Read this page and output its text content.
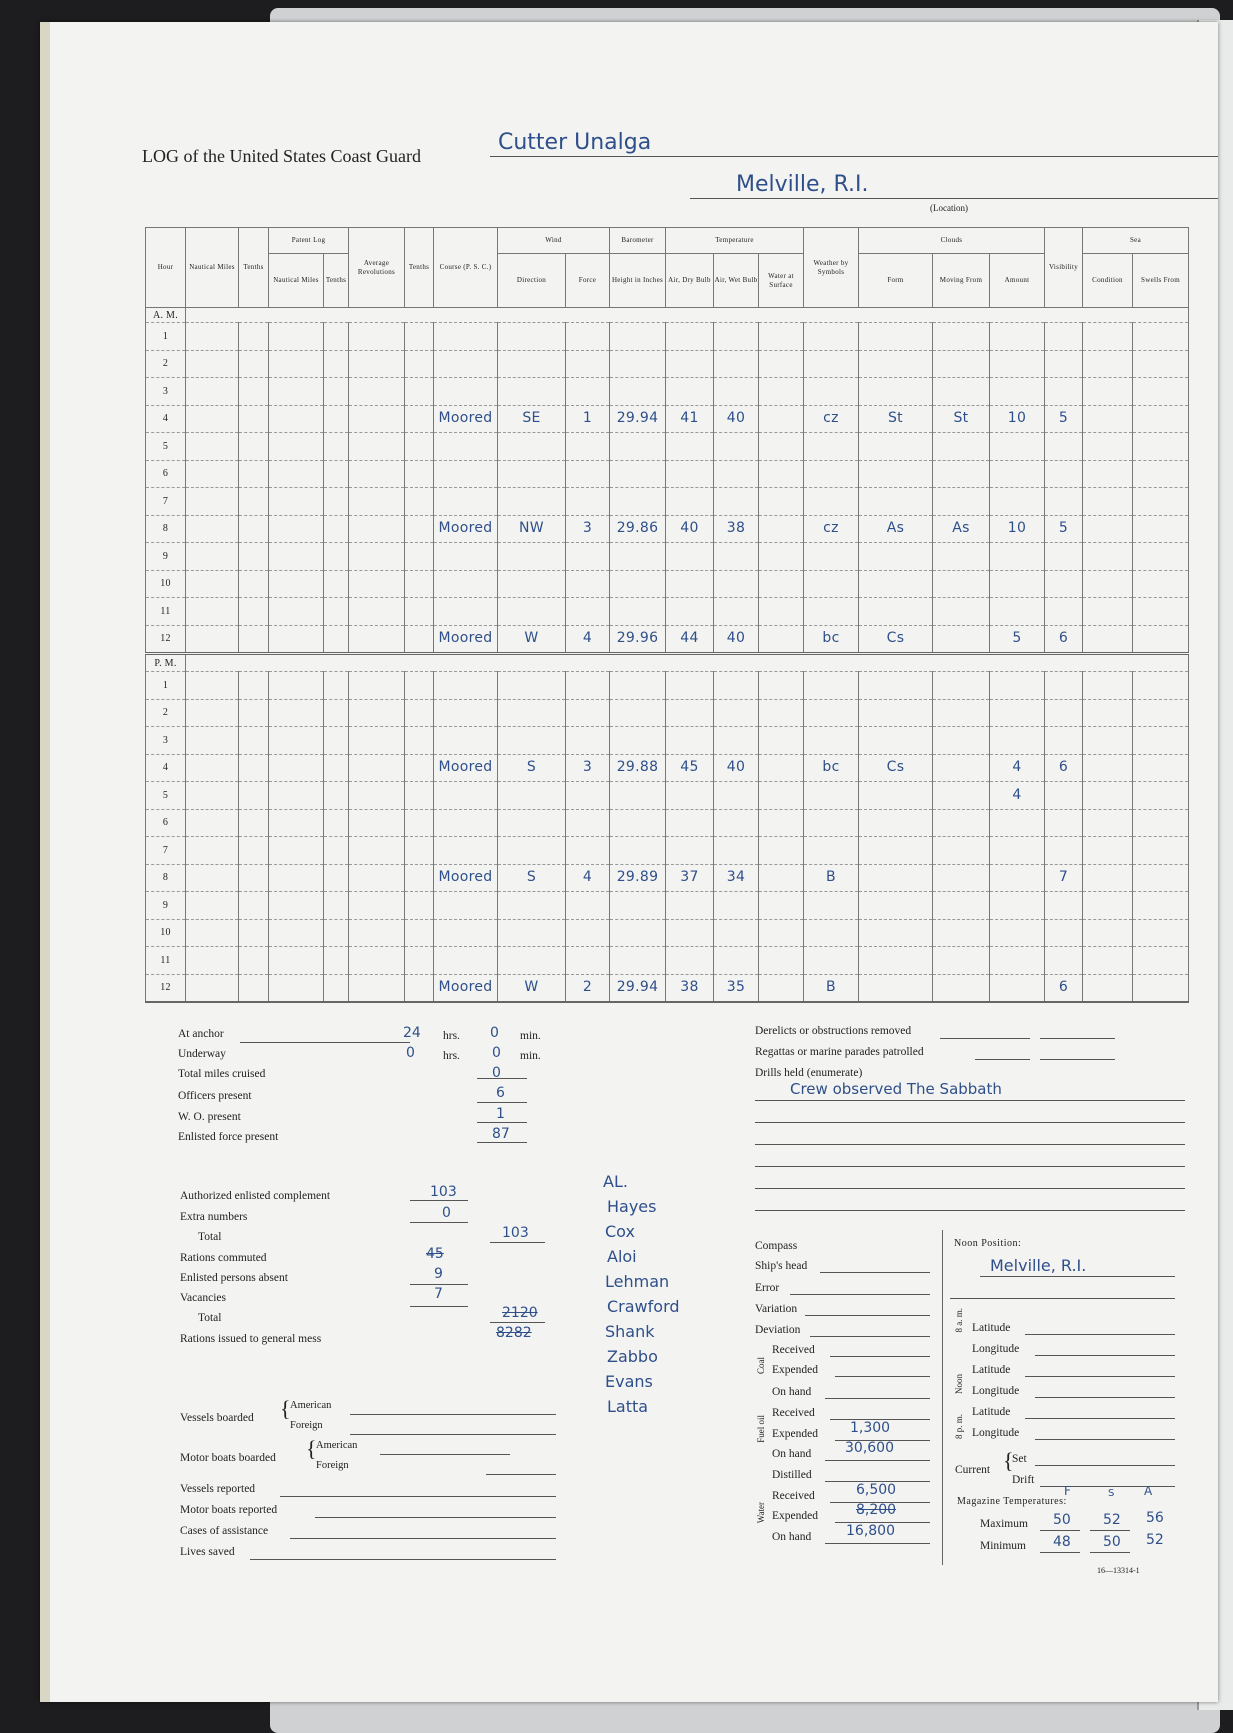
LOG of the United States Coast Guard
Cutter Unalga
Melville, R.I.
(Location)
Hour	Nautical Miles	Tenths	Patent Log		Average Revolutions	Tenths	Course (P. S. C.)	Wind		Barometer	Temperature			Weather by Symbols	Clouds			Visibility	Sea	
			Nautical Miles	Tenths				Direction	Force	Height in Inches	Air, Dry Bulb	Air, Wet Bulb	Water at Surface		Form	Moving From	Amount		Condition	Swells From
A. M.																				
1																				
2																				
3																				
4							Moored	SE	1	29.94	41	40		cz	St	St	10	5		
5																				
6																				
7																				
8							Moored	NW	3	29.86	40	38		cz	As	As	10	5		
9																				
10																				
11																				
12							Moored	W	4	29.96	44	40		bc	Cs		5	6		
P. M.																				
1																				
2																				
3																				
4							Moored	S	3	29.88	45	40		bc	Cs		4	6		
5																	4			
6																				
7																				
8							Moored	S	4	29.89	37	34		B				7		
9																				
10																				
11																				
12							Moored	W	2	29.94	38	35		B				6		
At anchor	24 hrs. 0 min.
Underway	0 hrs. 0 min.
Total miles cruised	0
Officers present	6
W. O. present	1
Enlisted force present	87
Authorized enlisted complement	103
Extra numbers	0
Total	103
Rations commuted	45
Enlisted persons absent	9
Vacancies	7
Total	2120
Rations issued to general mess	8282
AL.
Hayes
Cox
Aloi
Lehman
Crawford
Shank
Zabbo
Evans
Latta
Vessels boarded { American
Foreign
Motor boats boarded { American
Foreign
Vessels reported
Motor boats reported
Cases of assistance
Lives saved
Derelicts or obstructions removed
Regattas or marine parades patrolled
Drills held (enumerate)
Crew observed The Sabbath
Compass
Ship's head
Error
Variation
Deviation
Coal
Received
Expended
On hand
Fuel oil
Received
Expended 1,300
On hand 30,600
Water
Distilled
Received	6,500
Expended	8,200
On hand 16,800
Noon Position:
Melville, R.I.
8 a. m.
Noon
8 p. m.
Latitude
Longitude
Latitude
Longitude
Latitude
Longitude
Current {
Set
Drift
Magazine Temperatures:
F	S A
Maximum 50 52 56
Minimum 48 50 52
16—13314-1
